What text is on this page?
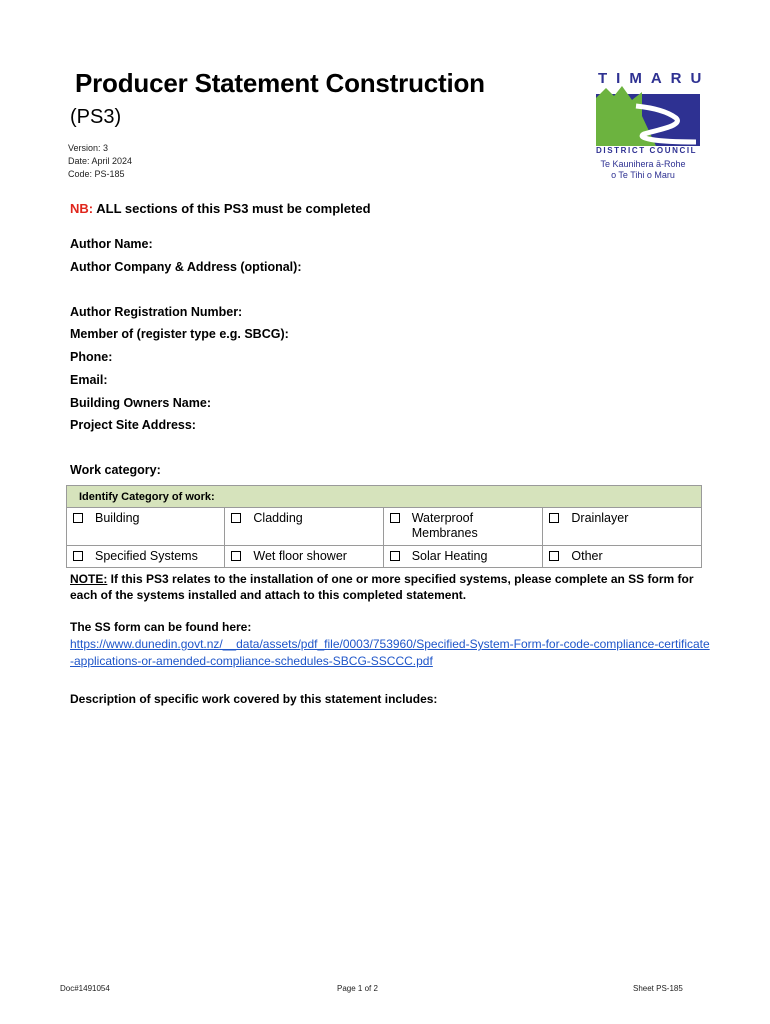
Producer Statement Construction
(PS3)
Version: 3
Date: April 2024
Code: PS-185
TIMARU
DISTRICT COUNCIL
Te Kaunihera ā-Rohe
o Te Tihi o Maru
NB: ALL sections of this PS3 must be completed
Author Name:
Author Company & Address (optional):
Author Registration Number:
Member of (register type e.g. SBCG):
Phone:
Email:
Building Owners Name:
Project Site Address:
Work category:
Identify Category of work:			

Building	Cladding	Waterproof Membranes	Drainlayer

Specified Systems	Wet floor shower	Solar Heating	Other
NOTE: If this PS3 relates to the installation of one or more specified systems, please complete an SS form for each of the systems installed and attach to this completed statement.
The SS form can be found here:
https://www.dunedin.govt.nz/__data/assets/pdf_file/0003/753960/Specified-System-Form-for-code-compliance-certificate-applications-or-amended-compliance-schedules-SBCG-SSCCC.pdf
Description of specific work covered by this statement includes:
Doc#1491054	Page 1 of 2	Sheet PS-185
